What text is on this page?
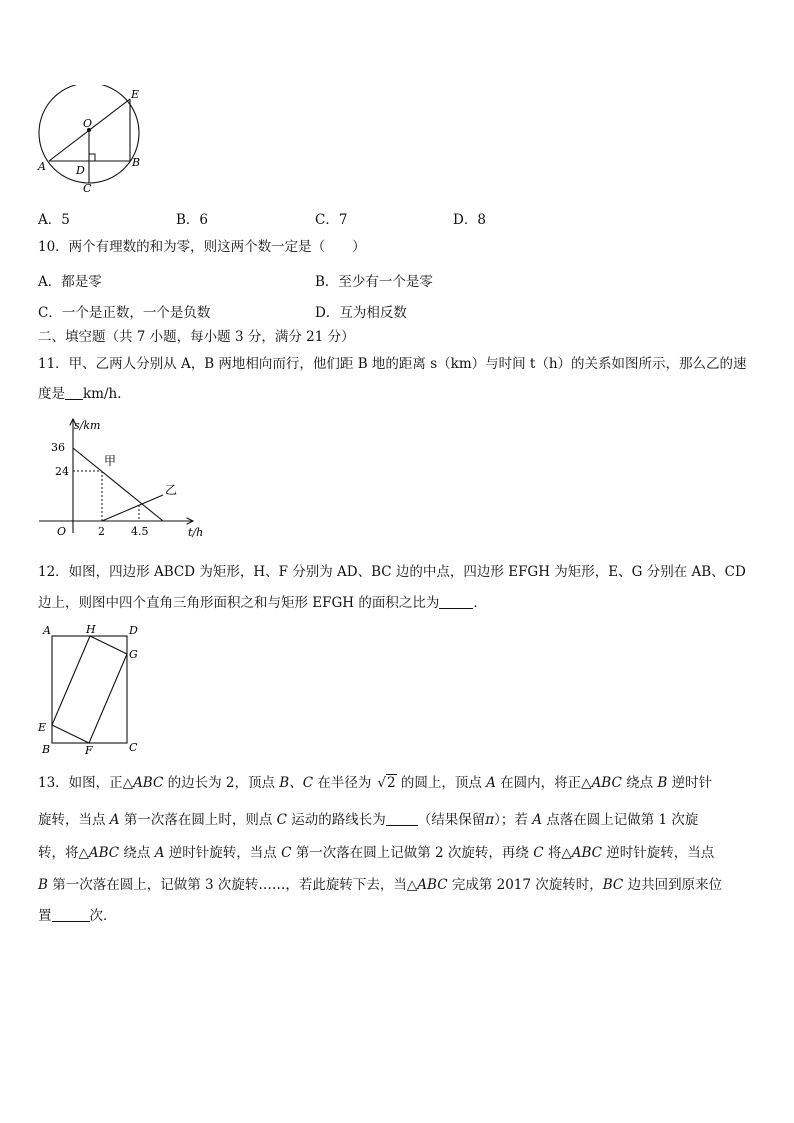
E
O
A	D
B
C
A．5	B．6	C．7	D．8
10．两个有理数的和为零，则这两个数一定是（　　）
A．都是零	B．至少有一个是零
C．一个是正数，一个是负数	D．互为相反数
二、填空题（共 7 小题，每小题 3 分，满分 21 分）
11．甲、乙两人分别从 A，B 两地相向而行，他们距 B 地的距离 s（km）与时间 t（h）的关系如图所示，那么乙的速
度是 km/h．
s/km
t/h
O
36
24
2 4.5
甲
乙
12．如图，四边形 ABCD 为矩形，H、F 分别为 AD、BC 边的中点，四边形 EFGH 为矩形，E、G 分别在 AB、CD
边上，则图中四个直角三角形面积之和与矩形 EFGH 的面积之比为	．
A	H	D
G
E
B	F	C
13．如图，正△ABC 的边长为 2，顶点 B、C 在半径为 √2 的圆上，顶点 A 在圆内，将正△ABC 绕点 B 逆时针
旋转，当点 A 第一次落在圆上时，则点 C 运动的路线长为 （结果保留π）；若 A 点落在圆上记做第 1 次旋
转，将△ABC 绕点 A 逆时针旋转，当点 C 第一次落在圆上记做第 2 次旋转，再绕 C 将△ABC 逆时针旋转，当点
B 第一次落在圆上，记做第 3 次旋转……，若此旋转下去，当△ABC 完成第 2017 次旋转时，BC 边共回到原来位
置	次．
